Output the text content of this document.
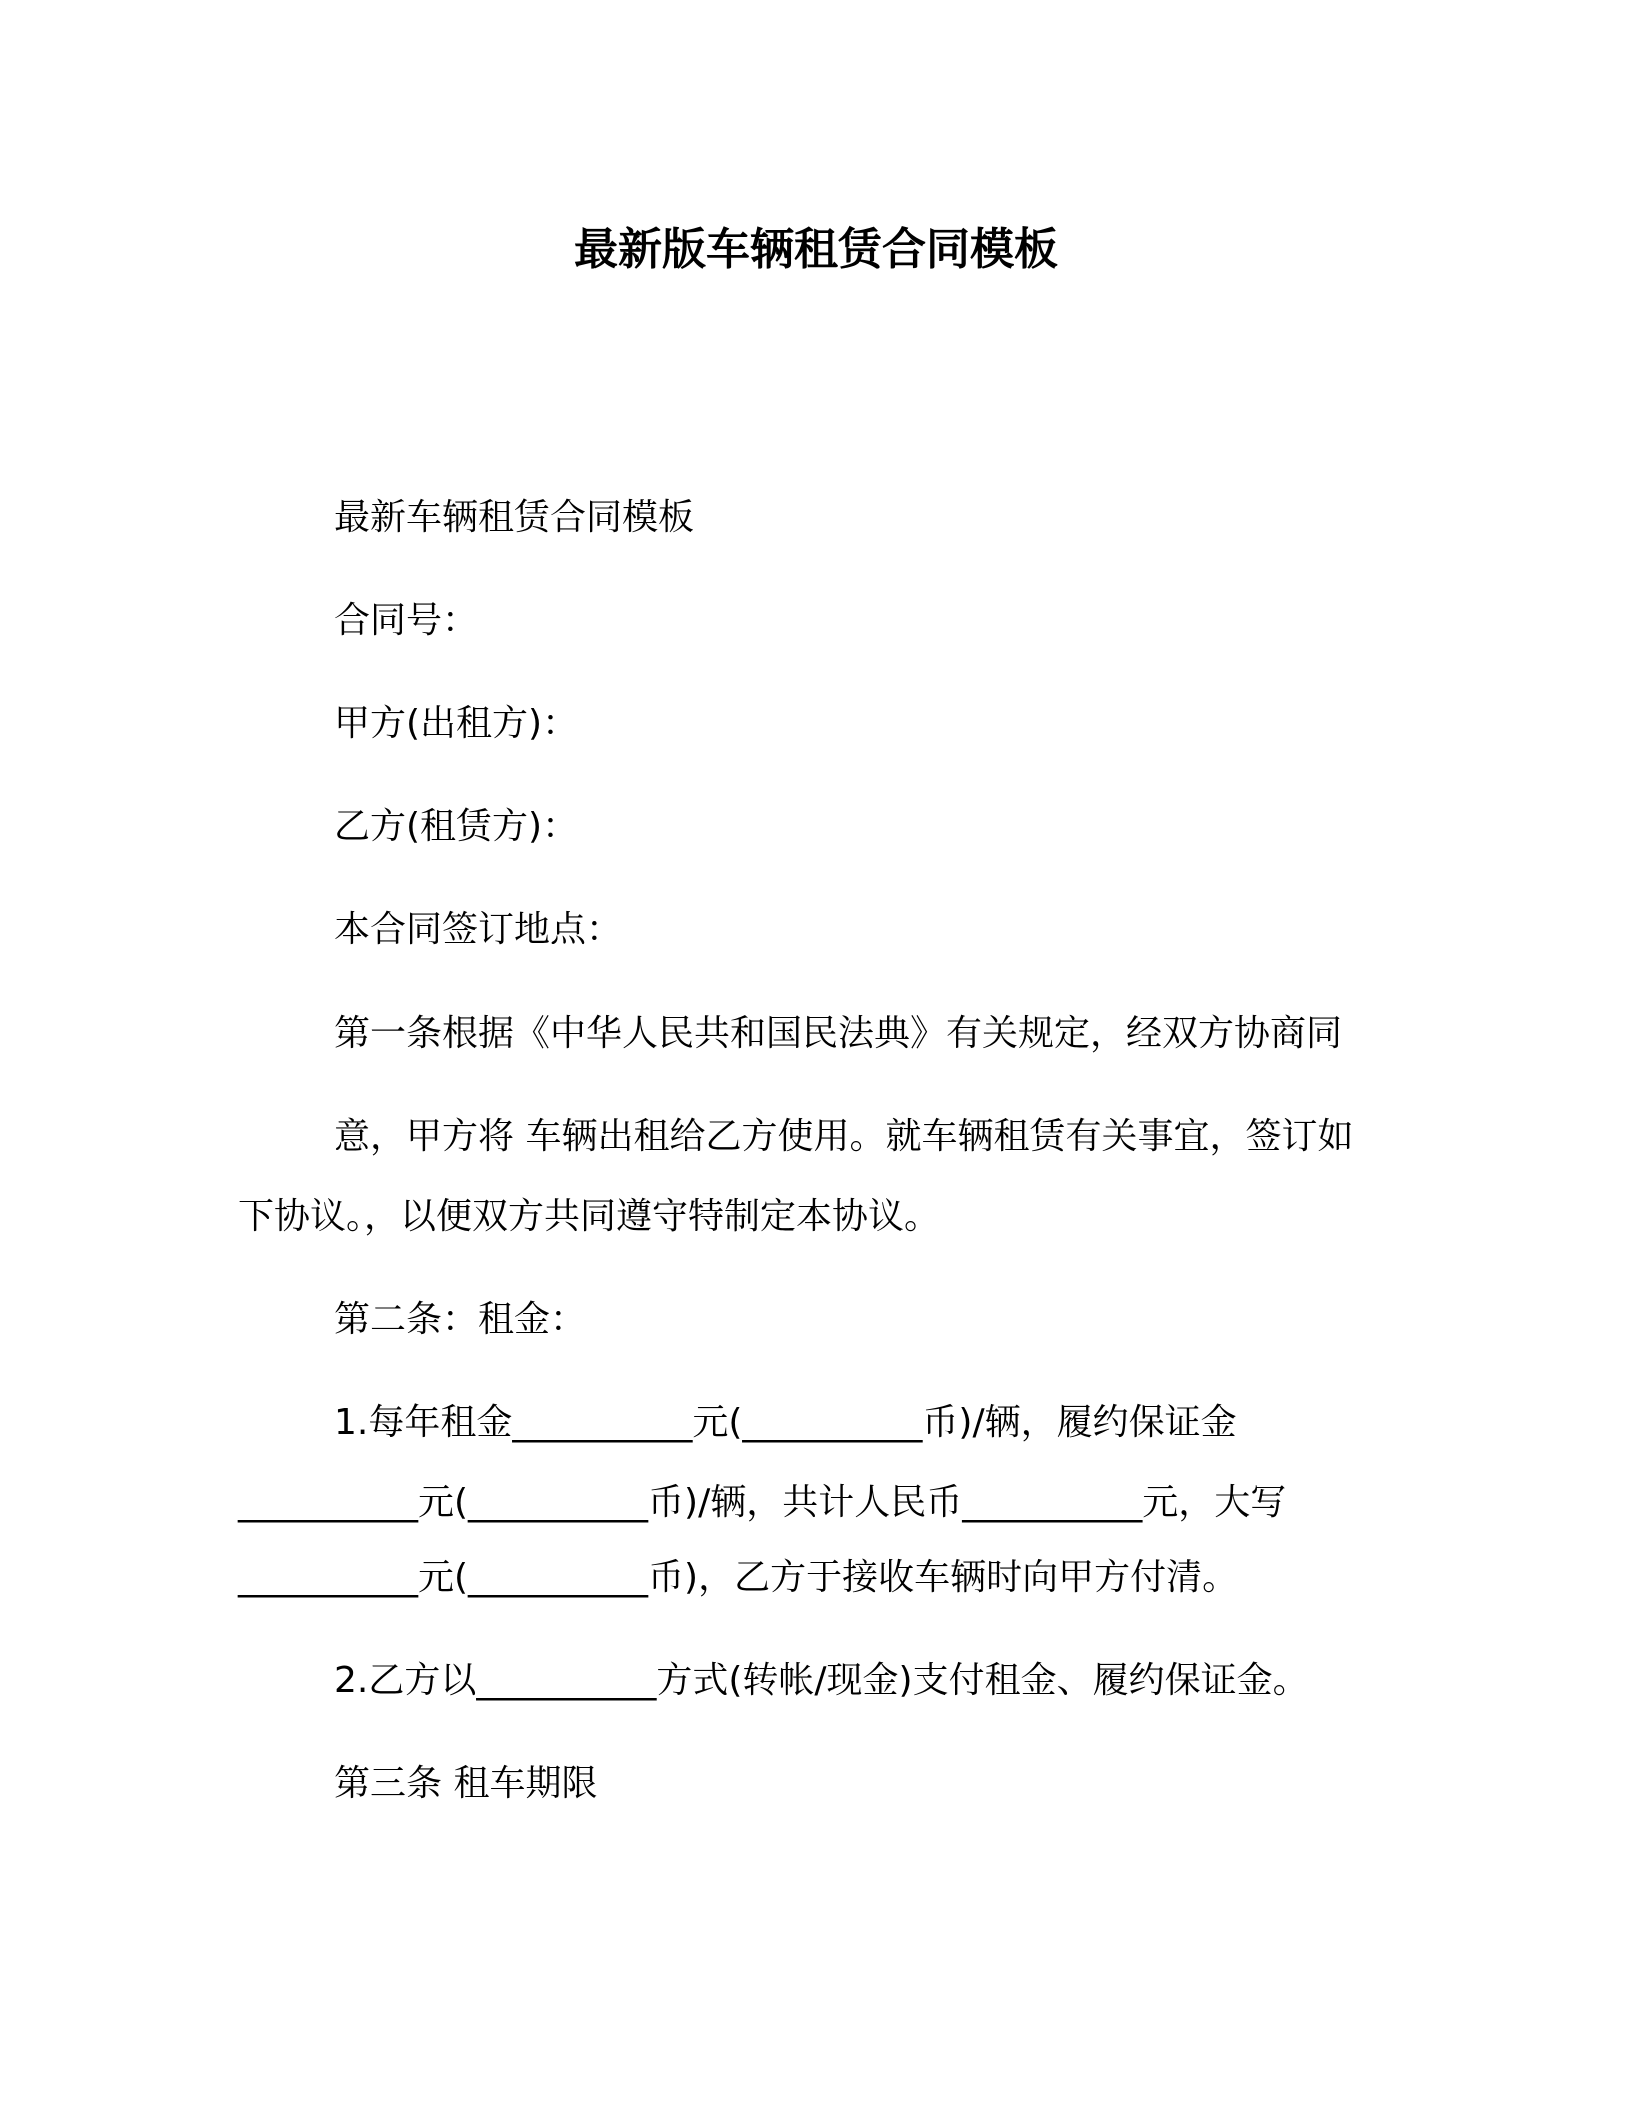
最新版车辆租赁合同模板
最新车辆租赁合同模板
合同号：
甲方(出租方)：
乙方(租赁方)：
本合同签订地点：
第一条根据《中华人民共和国民法典》有关规定，经双方协商同
意，甲方将 车辆出租给乙方使用。就车辆租赁有关事宜，签订如
下协议。，以便双方共同遵守特制定本协议。
第二条：租金：
1.每年租金__________元(__________币)/辆，履约保证金
__________元(__________币)/辆，共计人民币__________元，大写
__________元(__________币)，乙方于接收车辆时向甲方付清。
2.乙方以__________方式(转帐/现金)支付租金、履约保证金。
第三条 租车期限
